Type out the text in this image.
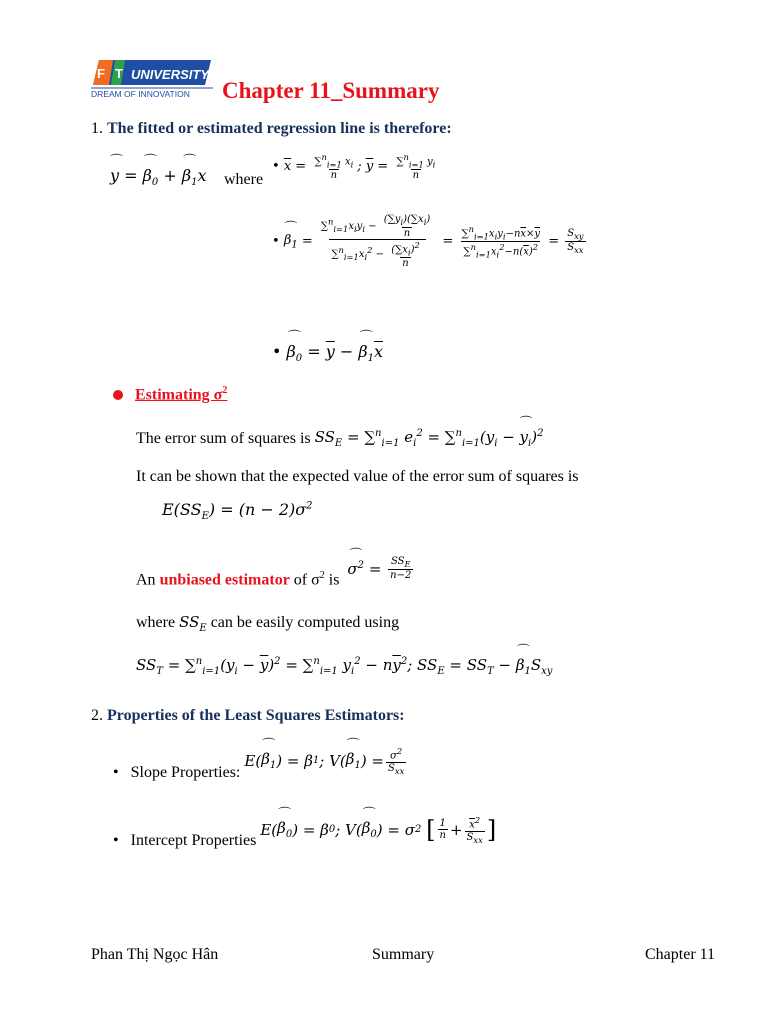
UNIVERSITY
F T
DREAM OF INNOVATION Chapter 11_Summary
1. The fitted or estimated regression line is therefore:
⌒ y = ⌒ $\beta_0$ + ⌒ $\beta_1x$ where
•
$\overline{x} = \frac{\sum^n_{i=1} x_i}{n}$ ; $\overline{y} = \frac{\sum^n_{i=1} y_i}{n}$
•
⌒ $\beta_1 = \frac{\sum^n_{i=1}x_iy_i - \frac{(\sum y_i)(\sum x_i)}{n}}{\sum^n_{i=1}x_i^2 - \frac{(\sum x_i)^2}{n}} = \frac{\sum^n_{i=1}x_iy_i-n\overline{x}\times\overline{y}}{\sum^n_{i=1}x_i^2-n(\overline{x})^2} = \frac{S_{xy}}{S_{xx}}$
• ⌒ $\beta_0 = \overline{y}$ − ⌒ $\beta_1\overline{x}$
Estimating $\sigma^2$
The error sum of squares is
$SS_E = \sum^n_{i=1}$ $e_i^2 = \sum^n_{i=1}(y_i$ − ⌒ $y_i)^2$
It can be shown that the expected value of the error sum of squares is
$E(SS_E) = (n - 2)\sigma^2$
An unbiased estimator of $\sigma^2$ is

⌒ $\sigma^2 = \frac{SS_E}{n-2}$
where
$SS_E$
can be easily computed using
$SS_T = \sum^n_{i=1}(y_i - \overline{y})^2 = \sum^n_{i=1}$ $y_i^2 - n\overline{y}^2$; $SS_E = SS_T$ − ⌒ $\beta_1S_{xy}$
2. Properties of the Least Squares Estimators:
•   Slope Properties:

E( ⌒ $\beta_1$ ) = β 1 ; V( ⌒ $\beta_1$ ) = $\frac{\sigma^2}{S_{xx}}$
•   Intercept Properties

E( ⌒ $\beta_0$ ) = β 0 ; V( ⌒ $\beta_0$ ) = σ 2
[ $\frac{1}{n} + \frac{\overline{x}^2}{S_{xx}}$ ]
Phan Thị Ngọc Hân	Summary	Chapter 11
